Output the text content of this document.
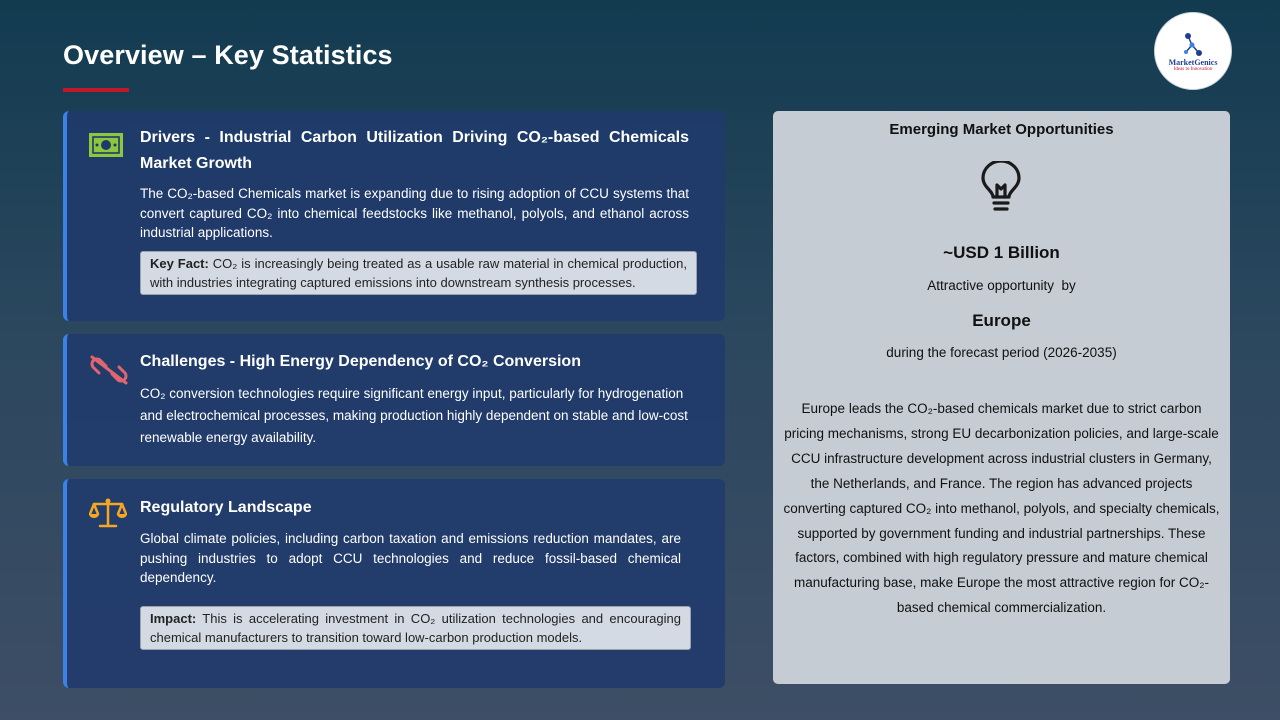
Overview – Key Statistics	MarketGenics
Ideas to Innovation
Drivers - Industrial Carbon Utilization Driving CO₂-based Chemicals Market Growth
The CO₂-based Chemicals market is expanding due to rising adoption of CCU systems that convert captured CO₂ into chemical feedstocks like methanol, polyols, and ethanol across industrial applications.
Key Fact: CO₂ is increasingly being treated as a usable raw material in chemical production, with industries integrating captured emissions into downstream synthesis processes.
Challenges - High Energy Dependency of CO₂ Conversion
CO₂ conversion technologies require significant energy input, particularly for hydrogenation and electrochemical processes, making production highly dependent on stable and low-cost renewable energy availability.
Regulatory Landscape
Global climate policies, including carbon taxation and emissions reduction mandates, are pushing industries to adopt CCU technologies and reduce fossil-based chemical dependency.
Impact: This is accelerating investment in CO₂ utilization technologies and encouraging chemical manufacturers to transition toward low-carbon production models.
Emerging Market Opportunities
~USD 1 Billion
Attractive opportunity  by
Europe
during the forecast period (2026-2035)
Europe leads the CO₂-based chemicals market due to strict carbon pricing mechanisms, strong EU decarbonization policies, and large-scale CCU infrastructure development across industrial clusters in Germany, the Netherlands, and France. The region has advanced projects converting captured CO₂ into methanol, polyols, and specialty chemicals, supported by government funding and industrial partnerships. These factors, combined with high regulatory pressure and mature chemical manufacturing base, make Europe the most attractive region for CO₂-based chemical commercialization.
